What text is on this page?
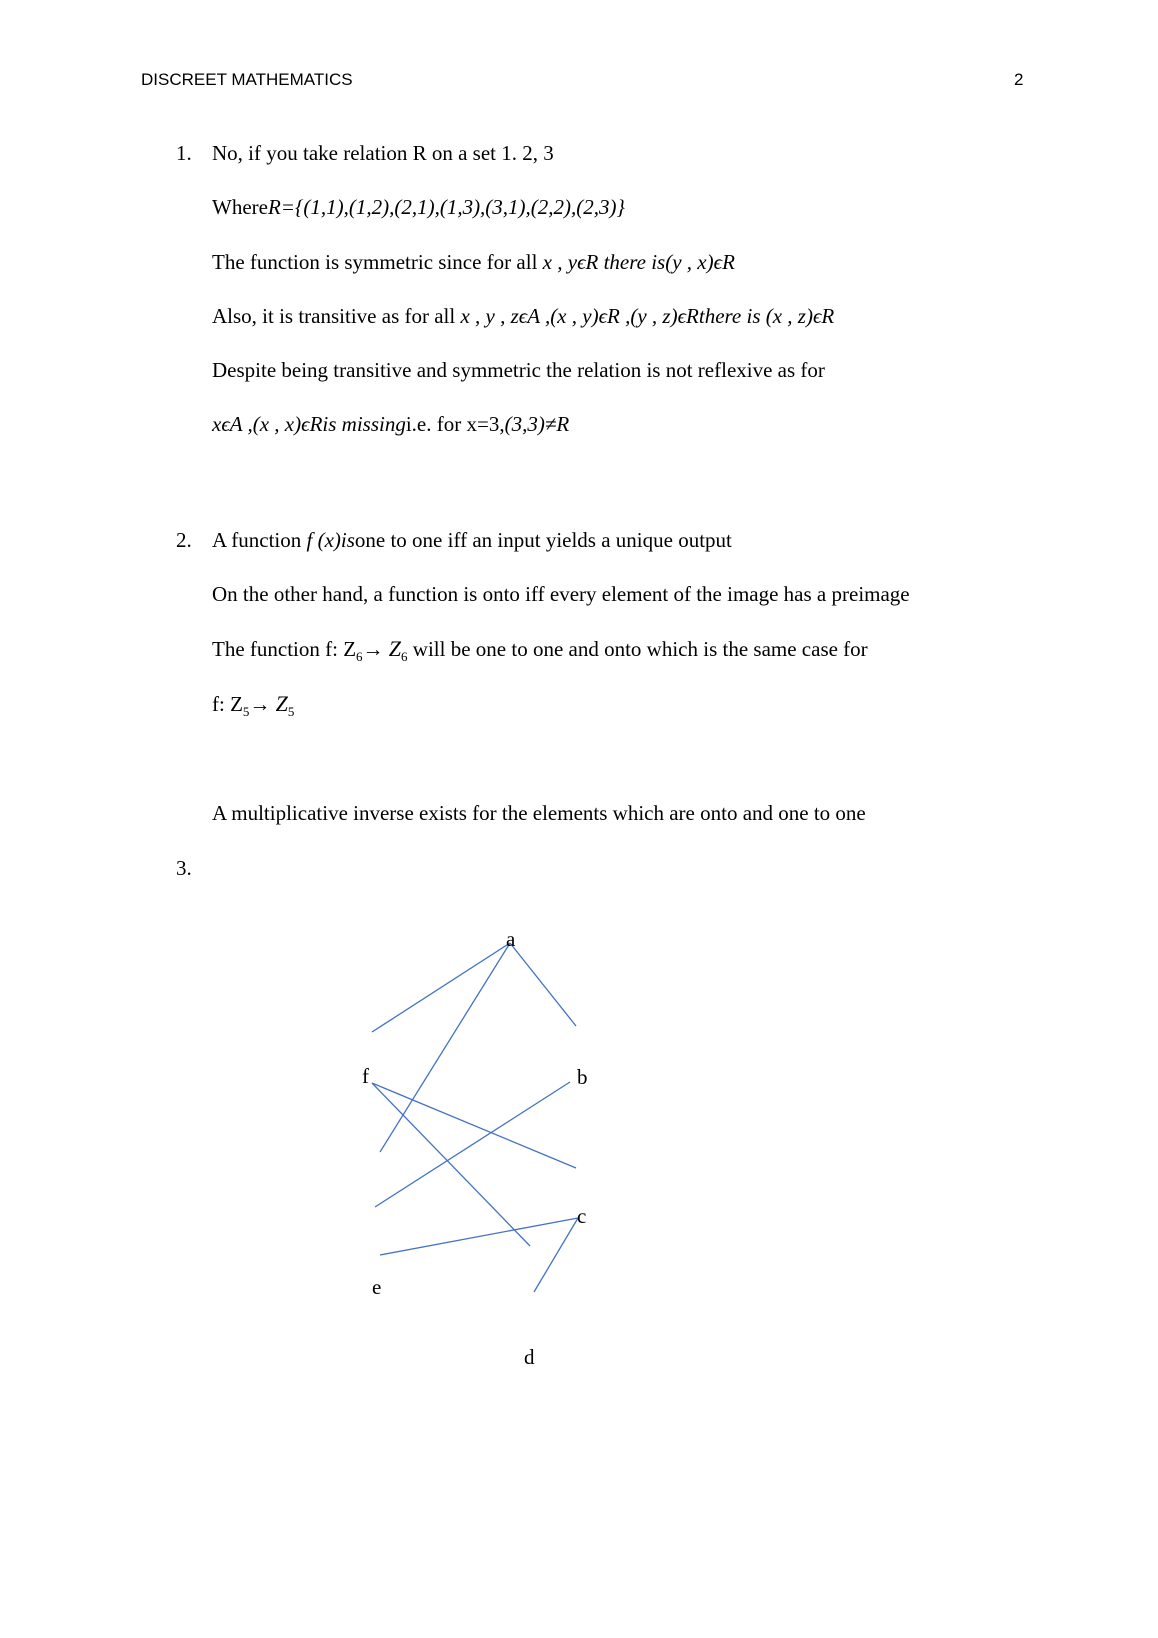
DISCREET MATHEMATICS	2
1. No, if you take relation R on a set 1. 2, 3
WhereR={(1,1),(1,2),(2,1),(1,3),(3,1),(2,2),(2,3)}
The function is symmetric since for all x , yϵR there is(y , x)ϵR
Also, it is transitive as for all x , y , zϵA ,(x , y)ϵR ,(y , z)ϵRthere is (x , z)ϵR
Despite being transitive and symmetric the relation is not reflexive as for
xϵA ,(x , x)ϵRis missingi.e. for x=3,(3,3)≠R
2. A function f (x)isone to one iff an input yields a unique output
On the other hand, a function is onto iff every element of the image has a preimage
The function f: $Z_6\to Z_6$ will be one to one and onto which is the same case for
f: $Z_5\to Z_5$
A multiplicative inverse exists for the elements which are onto and one to one
3.
a
f	b
c
e
d
